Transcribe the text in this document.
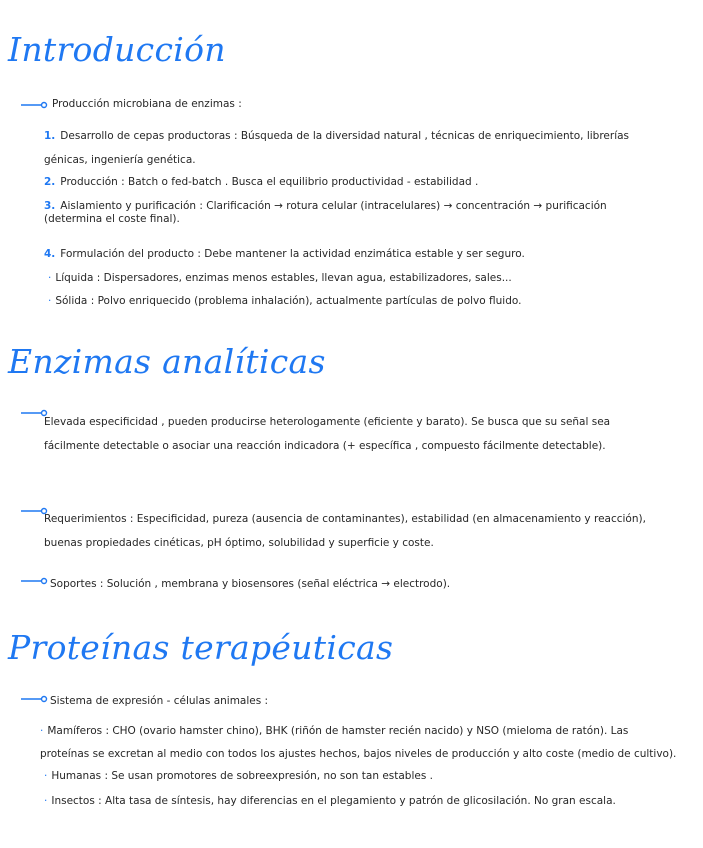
Introducción

Producción microbiana de enzimas :

1. Desarrollo de cepas productoras : Búsqueda de la diversidad natural , técnicas de enriquecimiento, librerías génicas, ingeniería genética.

2. Producción : Batch o fed-batch . Busca el equilibrio productividad - estabilidad .

3. Aislamiento y purificación : Clarificación → rotura celular (intracelulares) → concentración → purificación (determina el coste final).

4. Formulación del producto : Debe mantener la actividad enzimática estable y ser seguro.

· Líquida : Dispersadores, enzimas menos estables, llevan agua, estabilizadores, sales...

· Sólida : Polvo enriquecido (problema inhalación), actualmente partículas de polvo fluido.

Enzimas analíticas

Elevada especificidad , pueden producirse heterologamente (eficiente y barato). Se busca que su señal sea fácilmente detectable o asociar una reacción indicadora (+ específica , compuesto fácilmente detectable).

Requerimientos : Especificidad, pureza (ausencia de contaminantes), estabilidad (en almacenamiento y reacción), buenas propiedades cinéticas, pH óptimo, solubilidad y superficie y coste.

Soportes : Solución , membrana y biosensores (señal eléctrica → electrodo).

Proteínas terapéuticas

Sistema de expresión - células animales :

· Mamíferos : CHO (ovario hamster chino), BHK (riñón de hamster recién nacido) y NSO (mieloma de ratón). Las proteínas se excretan al medio con todos los ajustes hechos, bajos niveles de producción y alto coste (medio de cultivo).

· Humanas : Se usan promotores de sobreexpresión, no son tan estables .

· Insectos : Alta tasa de síntesis, hay diferencias en el plegamiento y patrón de glicosilación. No gran escala.
